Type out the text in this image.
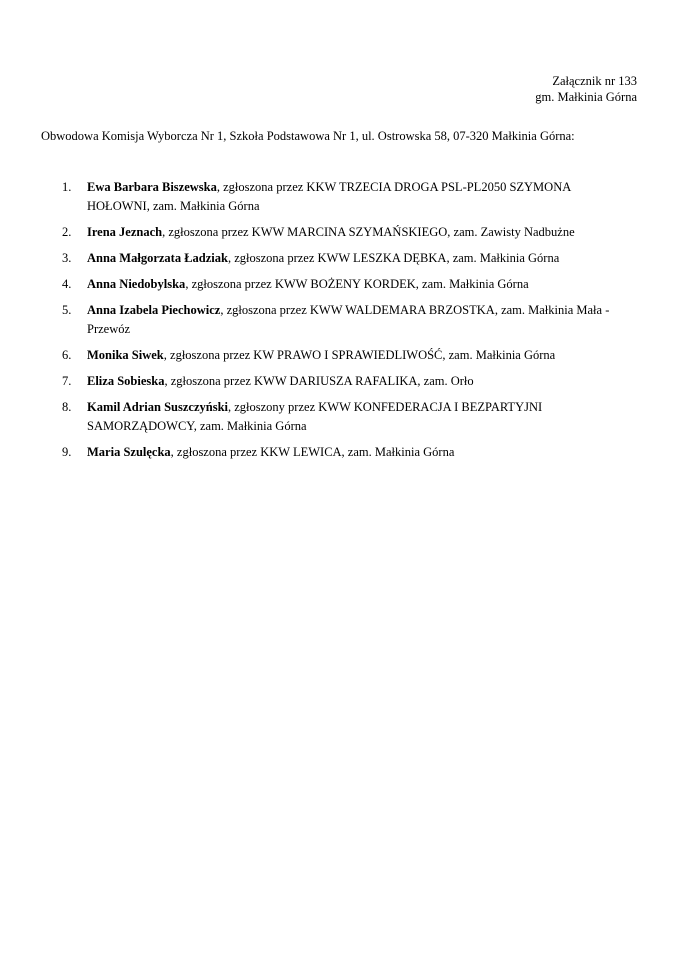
Załącznik nr 133
gm. Małkinia Górna
Obwodowa Komisja Wyborcza Nr 1, Szkoła Podstawowa Nr 1, ul. Ostrowska 58, 07-320 Małkinia Górna:
1. Ewa Barbara Biszewska, zgłoszona przez KKW TRZECIA DROGA PSL-PL2050 SZYMONA HOŁOWNI, zam. Małkinia Górna
2. Irena Jeznach, zgłoszona przez KWW MARCINA SZYMAŃSKIEGO, zam. Zawisty Nadbużne
3. Anna Małgorzata Ładziak, zgłoszona przez KWW LESZKA DĘBKA, zam. Małkinia Górna
4. Anna Niedobylska, zgłoszona przez KWW BOŻENY KORDEK, zam. Małkinia Górna
5. Anna Izabela Piechowicz, zgłoszona przez KWW WALDEMARA BRZOSTKA, zam. Małkinia Mała - Przewóz
6. Monika Siwek, zgłoszona przez KW PRAWO I SPRAWIEDLIWOŚĆ, zam. Małkinia Górna
7. Eliza Sobieska, zgłoszona przez KWW DARIUSZA RAFALIKA, zam. Orło
8. Kamil Adrian Suszczyński, zgłoszony przez KWW KONFEDERACJA I BEZPARTYJNI SAMORZĄDOWCY, zam. Małkinia Górna
9. Maria Szulęcka, zgłoszona przez KKW LEWICA, zam. Małkinia Górna
